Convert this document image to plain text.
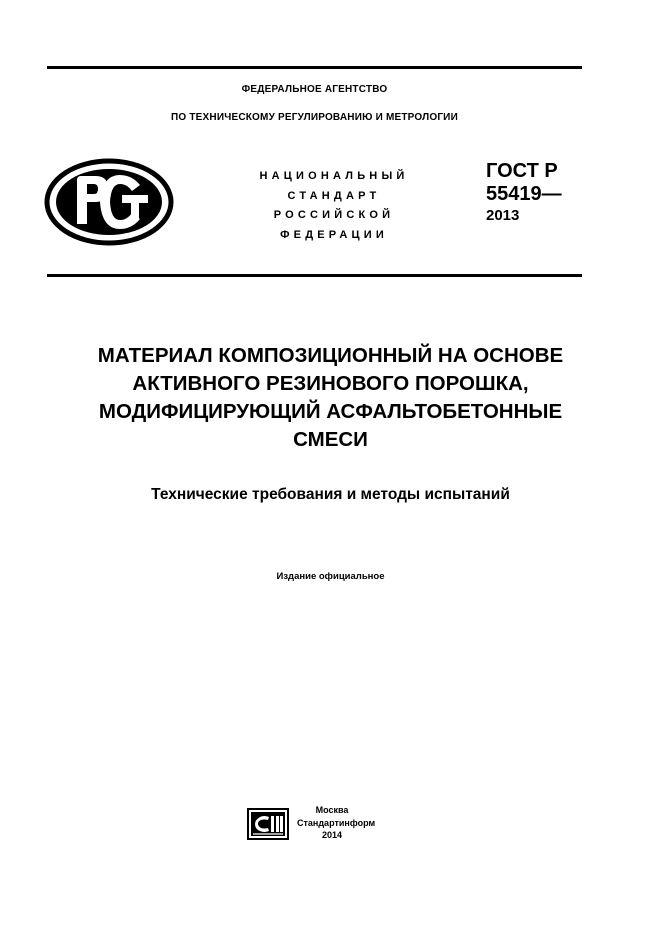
ФЕДЕРАЛЬНОЕ АГЕНТСТВО
ПО ТЕХНИЧЕСКОМУ РЕГУЛИРОВАНИЮ И МЕТРОЛОГИИ
НАЦИОНАЛЬНЫЙ
СТАНДАРТ
РОССИЙСКОЙ
ФЕДЕРАЦИИ
ГОСТ Р
55419—
2013
МАТЕРИАЛ КОМПОЗИЦИОННЫЙ НА ОСНОВЕ
АКТИВНОГО РЕЗИНОВОГО ПОРОШКА,
МОДИФИЦИРУЮЩИЙ АСФАЛЬТОБЕТОННЫЕ
СМЕСИ
Технические требования и методы испытаний
Издание официальное
Москва
Стандартинформ
2014
